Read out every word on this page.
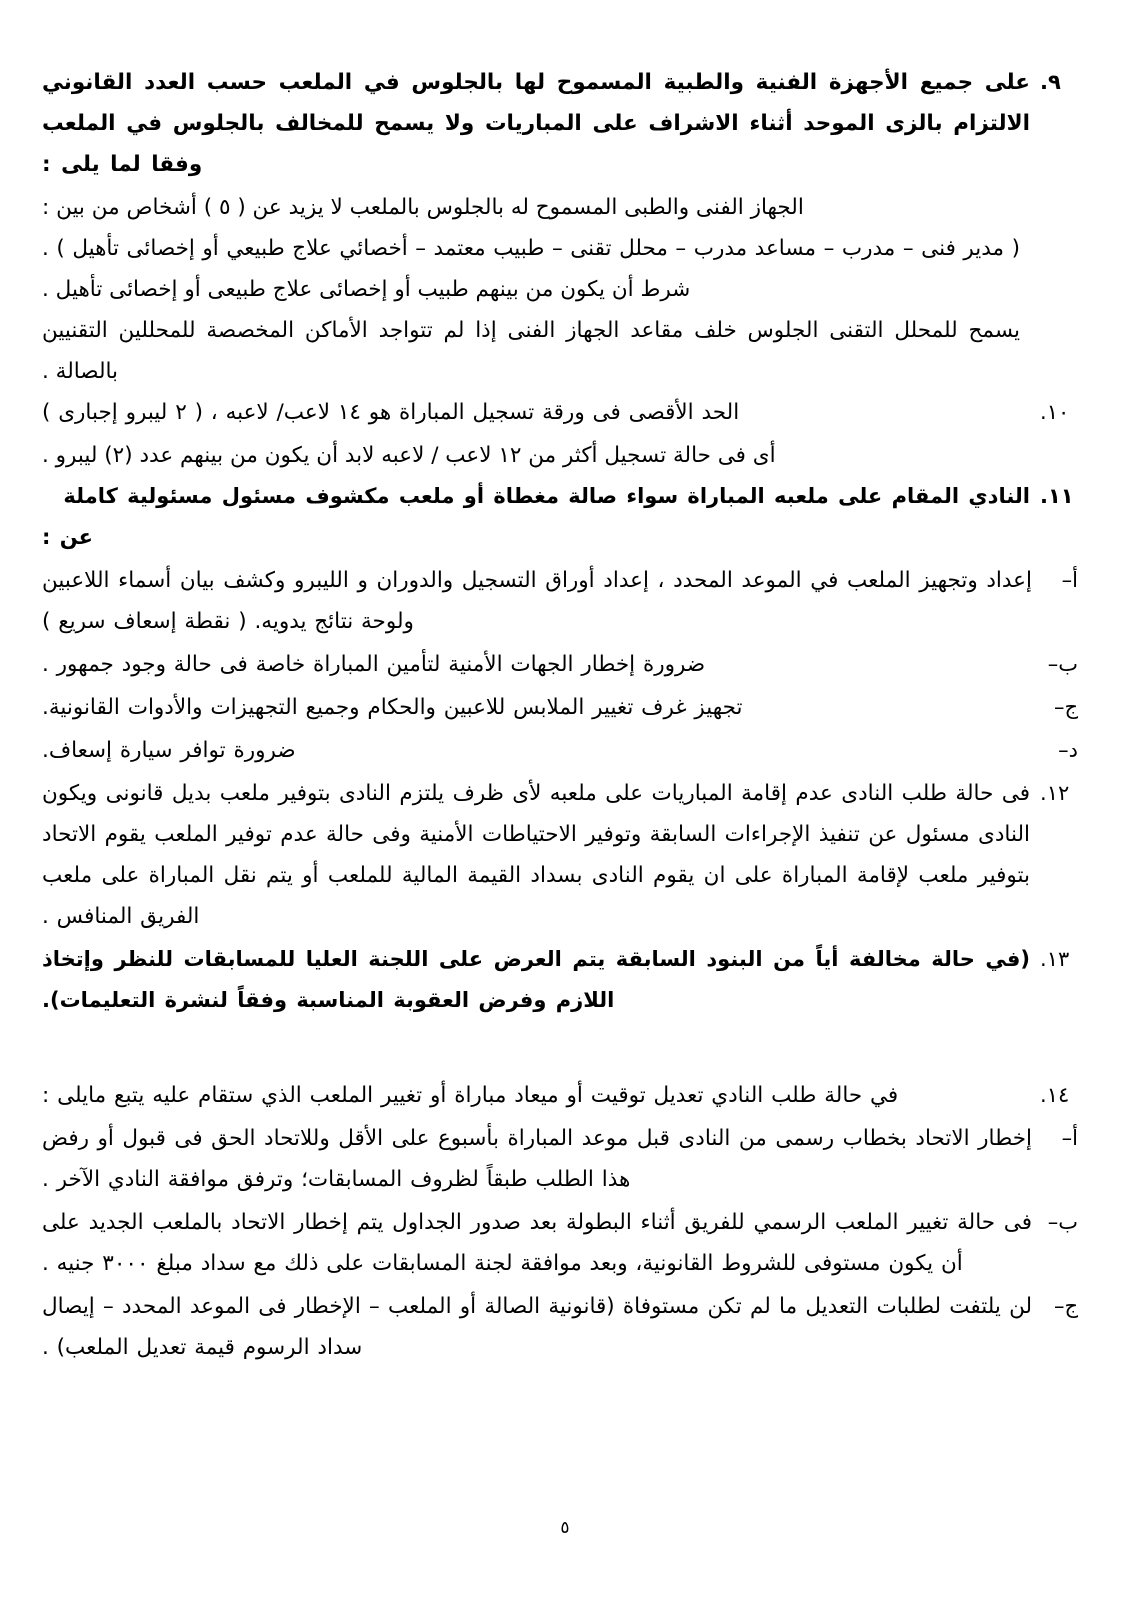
٩.

على جميع الأجهزة الفنية والطبية المسموح لها بالجلوس في الملعب حسب العدد القانوني الالتزام بالزى الموحد أثناء الاشراف على المباريات ولا يسمح للمخالف بالجلوس في الملعب وفقا لما يلى :

الجهاز الفنى والطبى المسموح له بالجلوس بالملعب لا يزيد عن ( ٥ ) أشخاص من بين :

( مدير فنى – مدرب – مساعد مدرب – محلل تقنى – طبيب معتمد – أخصائي علاج طبيعي أو إخصائى تأهيل ) . شرط أن يكون من بينهم طبيب أو إخصائى علاج طبيعى أو إخصائى تأهيل .

يسمح للمحلل التقنى الجلوس خلف مقاعد الجهاز الفنى إذا لم تتواجد الأماكن المخصصة للمحللين التقنيين بالصالة .

١٠.

الحد الأقصى فى ورقة تسجيل المباراة هو ١٤ لاعب/ لاعبه ، ( ٢ ليبرو إجبارى )

أى فى حالة تسجيل أكثر من ١٢ لاعب / لاعبه لابد أن يكون من بينهم عدد (٢) ليبرو .

١١.

النادي المقام على ملعبه المباراة سواء صالة مغطاة أو ملعب مكشوف مسئول مسئولية كاملة عن :

أ–

إعداد وتجهيز الملعب في الموعد المحدد ، إعداد أوراق التسجيل والدوران و الليبرو وكشف بيان أسماء اللاعبين ولوحة نتائج يدويه. ( نقطة إسعاف سريع )

ب–

ضرورة إخطار الجهات الأمنية لتأمين المباراة خاصة فى حالة وجود جمهور .

ج–

تجهيز غرف تغيير الملابس للاعبين والحكام وجميع التجهيزات والأدوات القانونية.

د–

ضرورة توافر سيارة إسعاف.

١٢.

فى حالة طلب النادى عدم إقامة المباريات على ملعبه لأى ظرف يلتزم النادى بتوفير ملعب بديل قانونى ويكون النادى مسئول عن تنفيذ الإجراءات السابقة وتوفير الاحتياطات الأمنية وفى حالة عدم توفير الملعب يقوم الاتحاد بتوفير ملعب لإقامة المباراة على ان يقوم النادى بسداد القيمة المالية للملعب أو يتم نقل المباراة على ملعب الفريق المنافس .

١٣.

(في حالة مخالفة أياً من البنود السابقة يتم العرض على اللجنة العليا للمسابقات للنظر وإتخاذ اللازم وفرض العقوبة المناسبة وفقاً لنشرة التعليمات).

١٤.

في حالة طلب النادي تعديل توقيت أو ميعاد مباراة أو تغيير الملعب الذي ستقام عليه يتبع مايلى :

أ–

إخطار الاتحاد بخطاب رسمى من النادى قبل موعد المباراة بأسبوع على الأقل وللاتحاد الحق فى قبول أو رفض هذا الطلب طبقاً لظروف المسابقات؛ وترفق موافقة النادي الآخر .

ب–

فى حالة تغيير الملعب الرسمي للفريق أثناء البطولة بعد صدور الجداول يتم إخطار الاتحاد بالملعب الجديد على أن يكون مستوفى للشروط القانونية، وبعد موافقة لجنة المسابقات على ذلك مع سداد مبلغ ٣٠٠٠ جنيه .

ج–

لن يلتفت لطلبات التعديل ما لم تكن مستوفاة (قانونية الصالة أو الملعب – الإخطار فى الموعد المحدد – إيصال سداد الرسوم قيمة تعديل الملعب) .

٥
